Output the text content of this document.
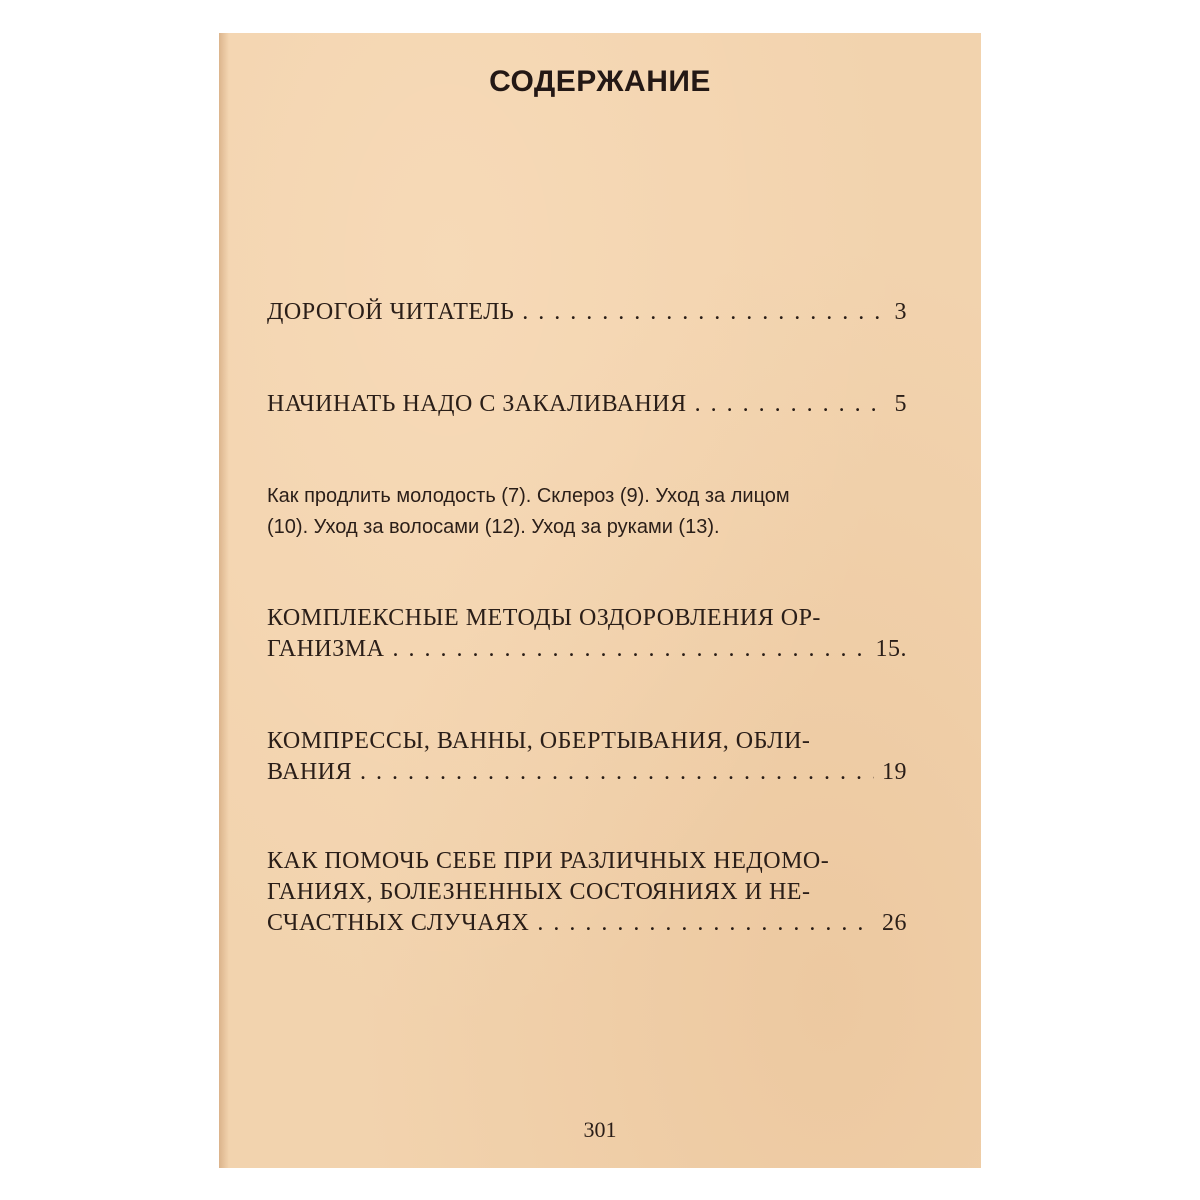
СОДЕРЖАНИЕ
ДОРОГОЙ ЧИТАТЕЛЬ . . .	3
НАЧИНАТЬ НАДО С ЗАКАЛИВАНИЯ . . .	5
Как продлить молодость (7). Склероз (9). Уход за лицом
(10). Уход за волосами (12). Уход за руками (13).
КОМПЛЕКСНЫЕ МЕТОДЫ ОЗДОРОВЛЕНИЯ ОР-
ГАНИЗМА . . .	15.
КОМПРЕССЫ, ВАННЫ, ОБЕРТЫВАНИЯ, ОБЛИ-
ВАНИЯ . . .	19
КАК ПОМОЧЬ СЕБЕ ПРИ РАЗЛИЧНЫХ НЕДОМО-
ГАНИЯХ, БОЛЕЗНЕННЫХ СОСТОЯНИЯХ И НЕ-
СЧАСТНЫХ СЛУЧАЯХ . . .	26
301
